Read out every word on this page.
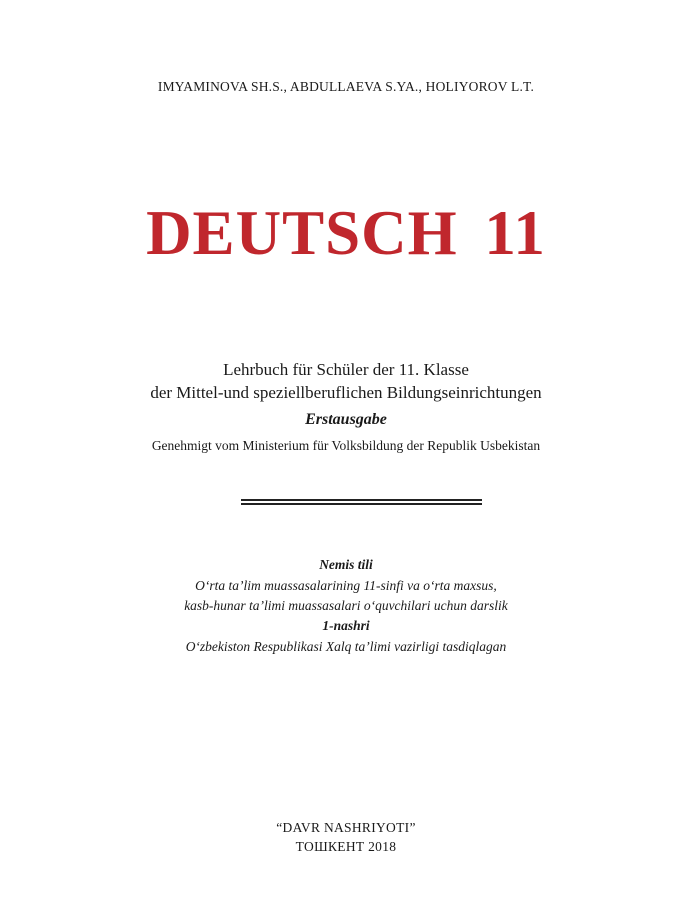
IMYAMINOVA SH.S., ABDULLAEVA S.YA., HOLIYOROV L.T.
DEUTSCH 11
Lehrbuch für Schüler der 11. Klasse
der Mittel-und speziellberuflichen Bildungseinrichtungen
Erstausgabe
Genehmigt vom Ministerium für Volksbildung der Republik Usbekistan
Nemis tili
O‘rta ta’lim muassasalarining 11-sinfi va o‘rta maxsus,
kasb-hunar ta’limi muassasalari o‘quvchilari uchun darslik
1-nashri
O‘zbekiston Respublikasi Xalq ta’limi vazirligi tasdiqlagan
“DAVR NASHRIYOTI”
ТОШКЕНТ 2018
